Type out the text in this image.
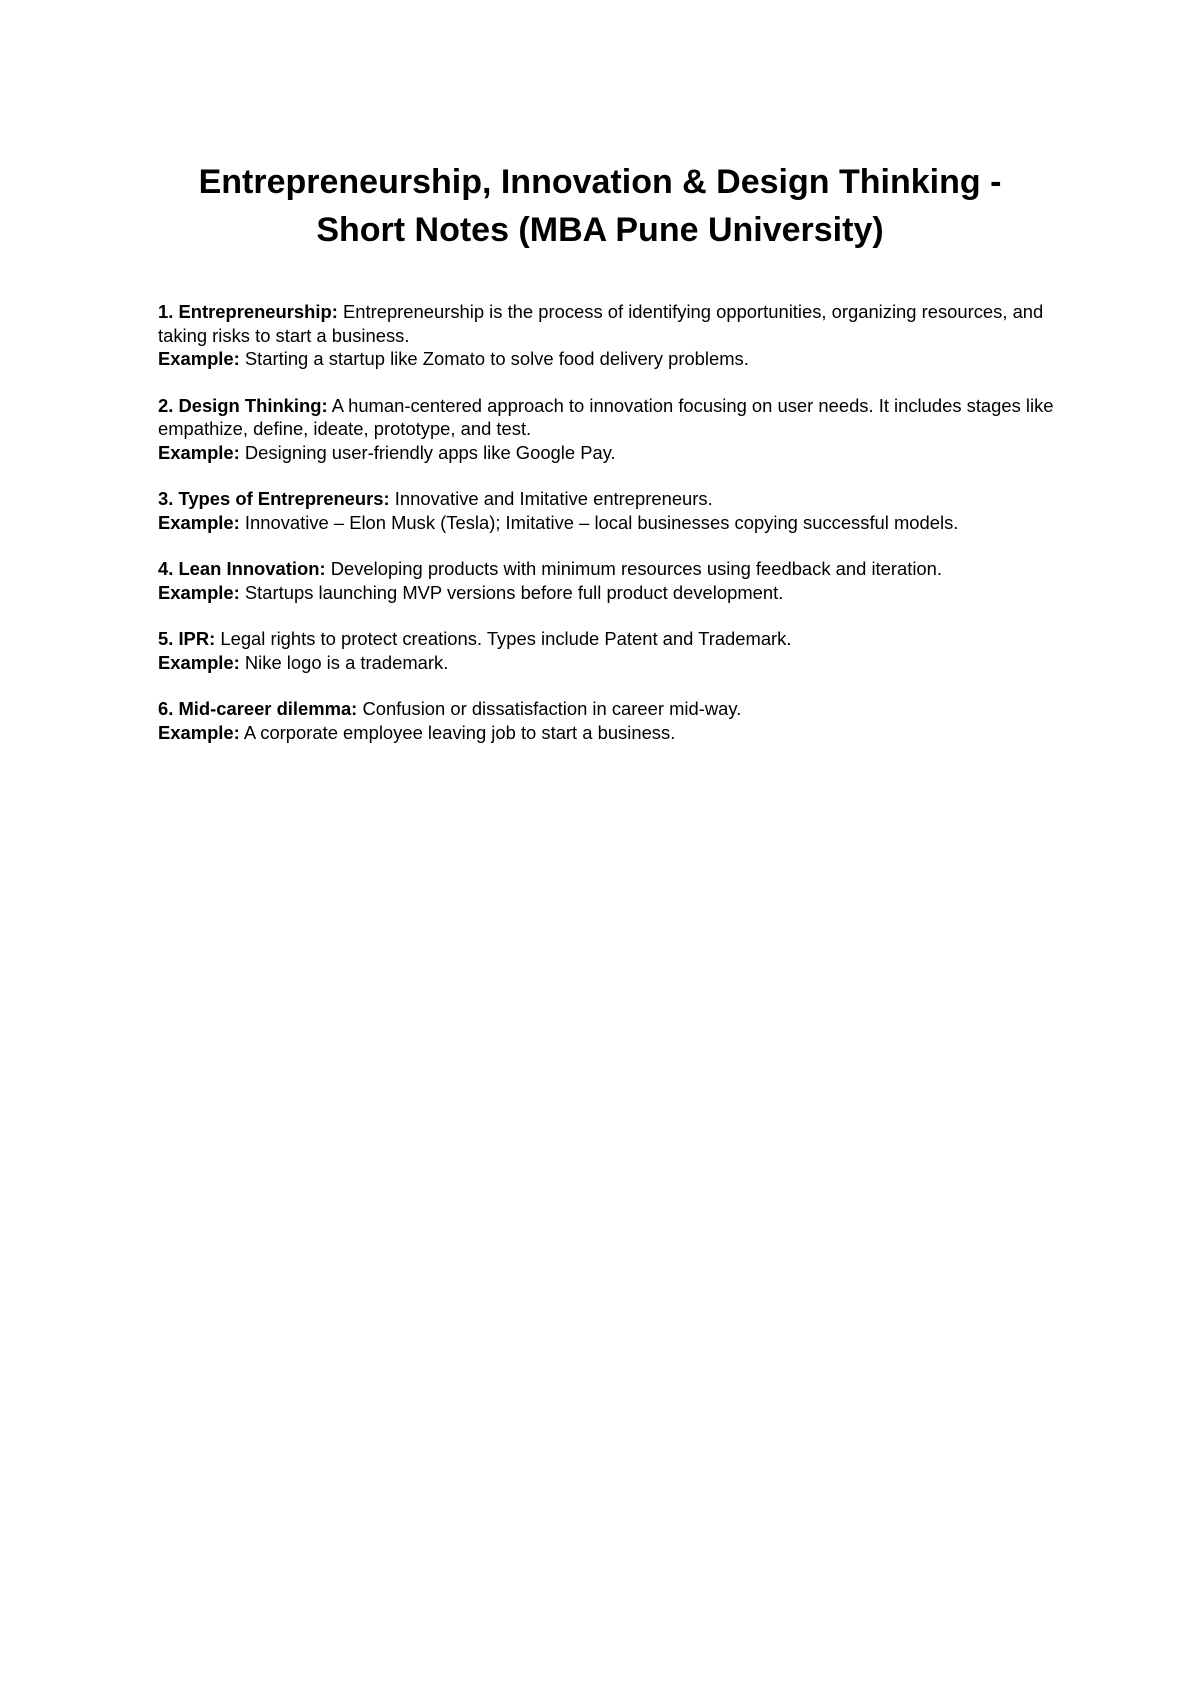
Entrepreneurship, Innovation & Design Thinking -
Short Notes (MBA Pune University)

1. Entrepreneurship: Entrepreneurship is the process of identifying opportunities, organizing resources, and taking risks to start a business.

Example: Starting a startup like Zomato to solve food delivery problems.

2. Design Thinking: A human-centered approach to innovation focusing on user needs. It includes stages like empathize, define, ideate, prototype, and test.

Example: Designing user-friendly apps like Google Pay.

3. Types of Entrepreneurs: Innovative and Imitative entrepreneurs.

Example: Innovative – Elon Musk (Tesla); Imitative – local businesses copying successful models.

4. Lean Innovation: Developing products with minimum resources using feedback and iteration.

Example: Startups launching MVP versions before full product development.

5. IPR: Legal rights to protect creations. Types include Patent and Trademark.

Example: Nike logo is a trademark.

6. Mid-career dilemma: Confusion or dissatisfaction in career mid-way.

Example: A corporate employee leaving job to start a business.
